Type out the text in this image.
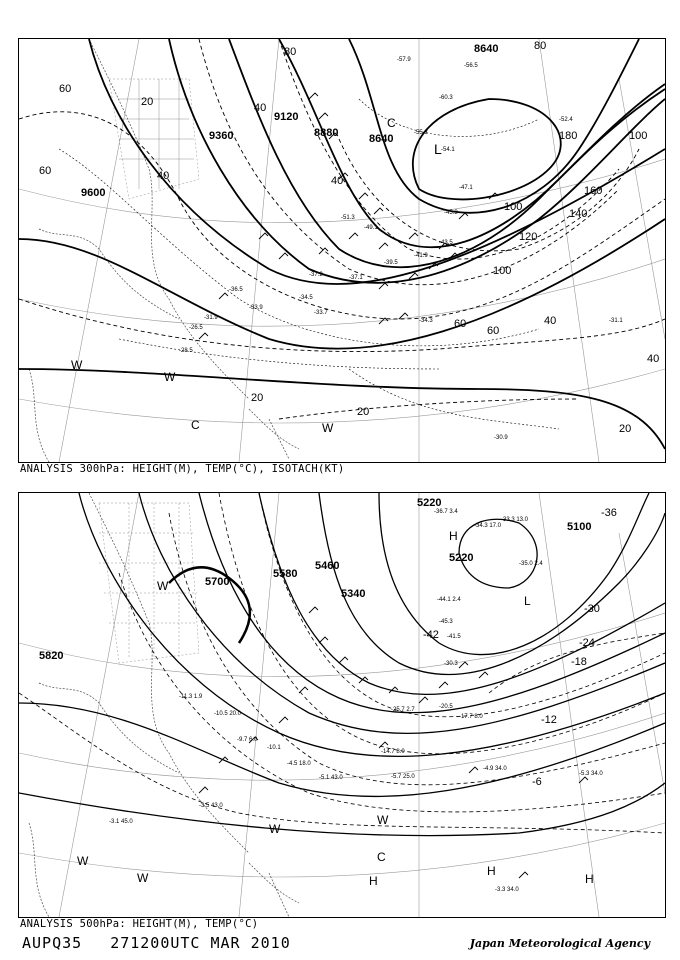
9600
9360
9120
8880	8640
8640
20	40
60
80
100
120
140
160
180	100
60
40
20
20
40
60
80
100
40
20
60
40
-30.9
-34.3
-33.7
-37.1
-39.5
-41.9
-43.5
-45.3
-47.1
-49.1
-51.3
-54.1
-55.3
-60.3
-57.9
-56.5
-52.4
-36.5
-33.9
-31.1
-28.5
-26.5
-31.9
-37.2
-34.5
W
W
C	W
C
L
ANALYSIS 300hPa: HEIGHT(M), TEMP(°C), ISOTACH(KT)
5820
5700
5580
5460
5340
5220
5220
5100
-42
-36
-30
-24
-18
-12
-6
-34.3 17.0
-33.3 13.0
-36.7 3.4
-35.0 2.4
-44.1 2.4
-45.3
-41.5
-30.3
-25.7 2.7
-17.7 8.0
-20.5
-14.7 8.0
-5.7 25.0
-4.9 34.0
-5.3 34.0
-3.5 43.0
-3.1 45.0
-3.3 34.0
-11.3 1.9
-10.5 20.0
-9.7 6.0
-10.1
-4.5 18.0
-5.1 43.0
W
W
W
W
W
C
H
H
H
L
H
ANALYSIS 500hPa: HEIGHT(M), TEMP(°C)
AUPQ35 271200UTC MAR 2010	Japan Meteorological Agency
